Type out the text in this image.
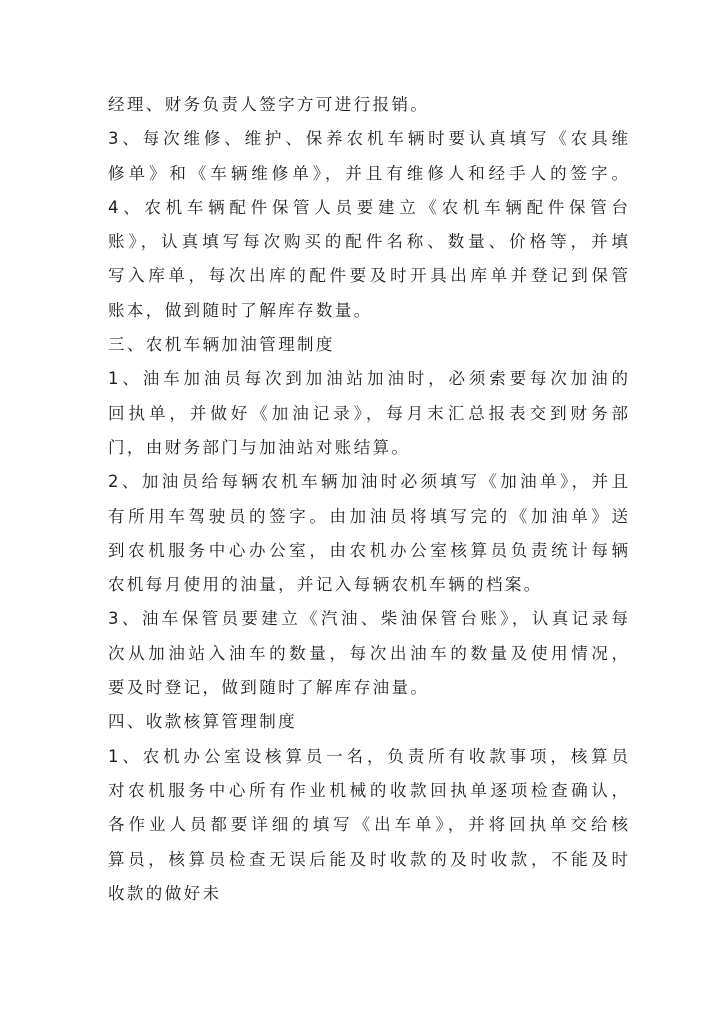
经理、财务负责人签字方可进行报销。
3、每次维修、维护、保养农机车辆时要认真填写《农具维
修单》和《车辆维修单》，并且有维修人和经手人的签字。
4、农机车辆配件保管人员要建立《农机车辆配件保管台
账》，认真填写每次购买的配件名称、数量、价格等，并填
写入库单，每次出库的配件要及时开具出库单并登记到保管
账本，做到随时了解库存数量。
三、农机车辆加油管理制度
1、油车加油员每次到加油站加油时，必须索要每次加油的
回执单，并做好《加油记录》，每月末汇总报表交到财务部
门，由财务部门与加油站对账结算。
2、加油员给每辆农机车辆加油时必须填写《加油单》，并且
有所用车驾驶员的签字。由加油员将填写完的《加油单》送
到农机服务中心办公室，由农机办公室核算员负责统计每辆
农机每月使用的油量，并记入每辆农机车辆的档案。
3、油车保管员要建立《汽油、柴油保管台账》，认真记录每
次从加油站入油车的数量，每次出油车的数量及使用情况，
要及时登记，做到随时了解库存油量。
四、收款核算管理制度
1、农机办公室设核算员一名，负责所有收款事项，核算员
对农机服务中心所有作业机械的收款回执单逐项检查确认，
各作业人员都要详细的填写《出车单》，并将回执单交给核
算员，核算员检查无误后能及时收款的及时收款，不能及时
收款的做好未
